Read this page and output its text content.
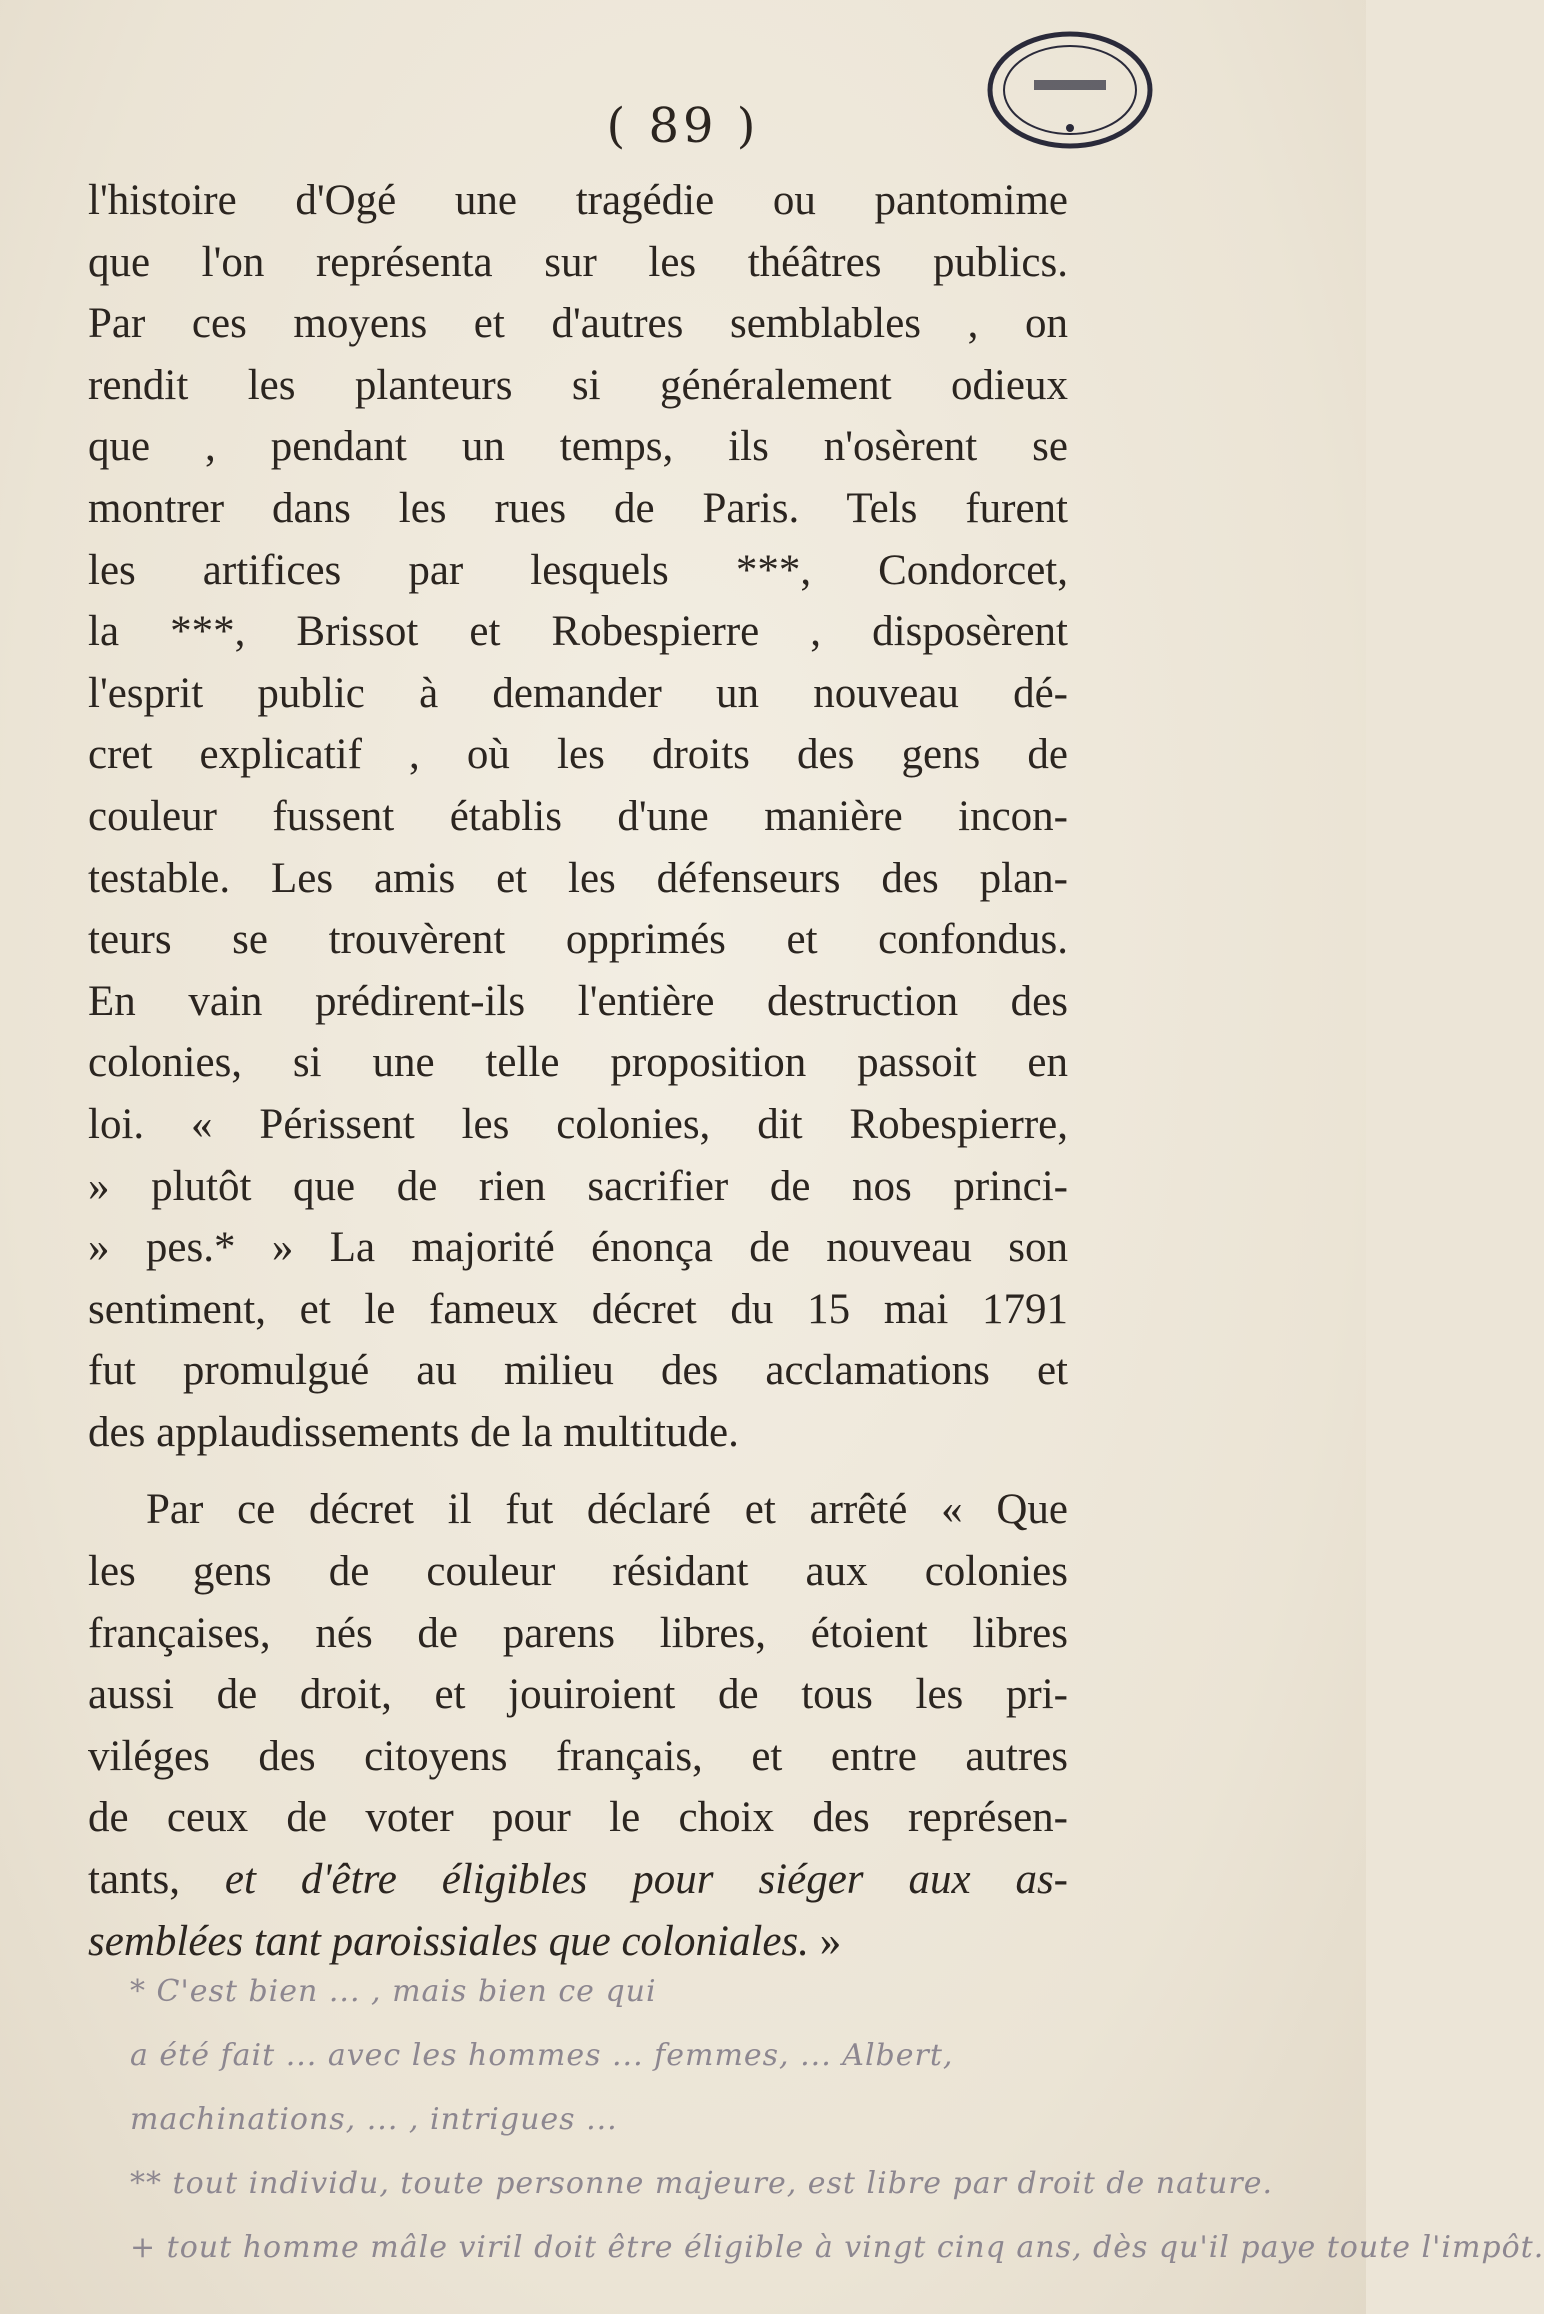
( 89 )
l'histoire d'Ogé une tragédie ou pantomime
que l'on représenta sur les théâtres publics.
Par ces moyens et d'autres semblables , on
rendit les planteurs si généralement odieux
que , pendant un temps, ils n'osèrent se
montrer dans les rues de Paris. Tels furent
les artifices par lesquels ***, Condorcet,
la ***, Brissot et Robespierre , disposèrent
l'esprit public à demander un nouveau dé-
cret explicatif , où les droits des gens de
couleur fussent établis d'une manière incon-
testable. Les amis et les défenseurs des plan-
teurs se trouvèrent opprimés et confondus.
En vain prédirent-ils l'entière destruction des
colonies, si une telle proposition passoit en
loi. « Périssent les colonies, dit Robespierre,
» plutôt que de rien sacrifier de nos princi-
» pes.* » La majorité énonça de nouveau son
sentiment, et le fameux décret du 15 mai 1791
fut promulgué au milieu des acclamations et
des applaudissements de la multitude.
Par ce décret il fut déclaré et arrêté « Que
les gens de couleur résidant aux colonies
françaises, nés de parens libres, étoient libres
aussi de droit, et jouiroient de tous les pri-
viléges des citoyens français, et entre autres
de ceux de voter pour le choix des représen-
tants, et d'être éligibles pour siéger aux as-
semblées tant paroissiales que coloniales. »
* C'est bien ... , mais bien ce qui
a été fait ... avec les hommes ... femmes, ... Albert,
machinations, ... , intrigues ...
** tout individu, toute personne majeure, est libre par droit de nature.
+ tout homme mâle viril doit être éligible à vingt cinq ans, dès qu'il paye toute l'impôt.
